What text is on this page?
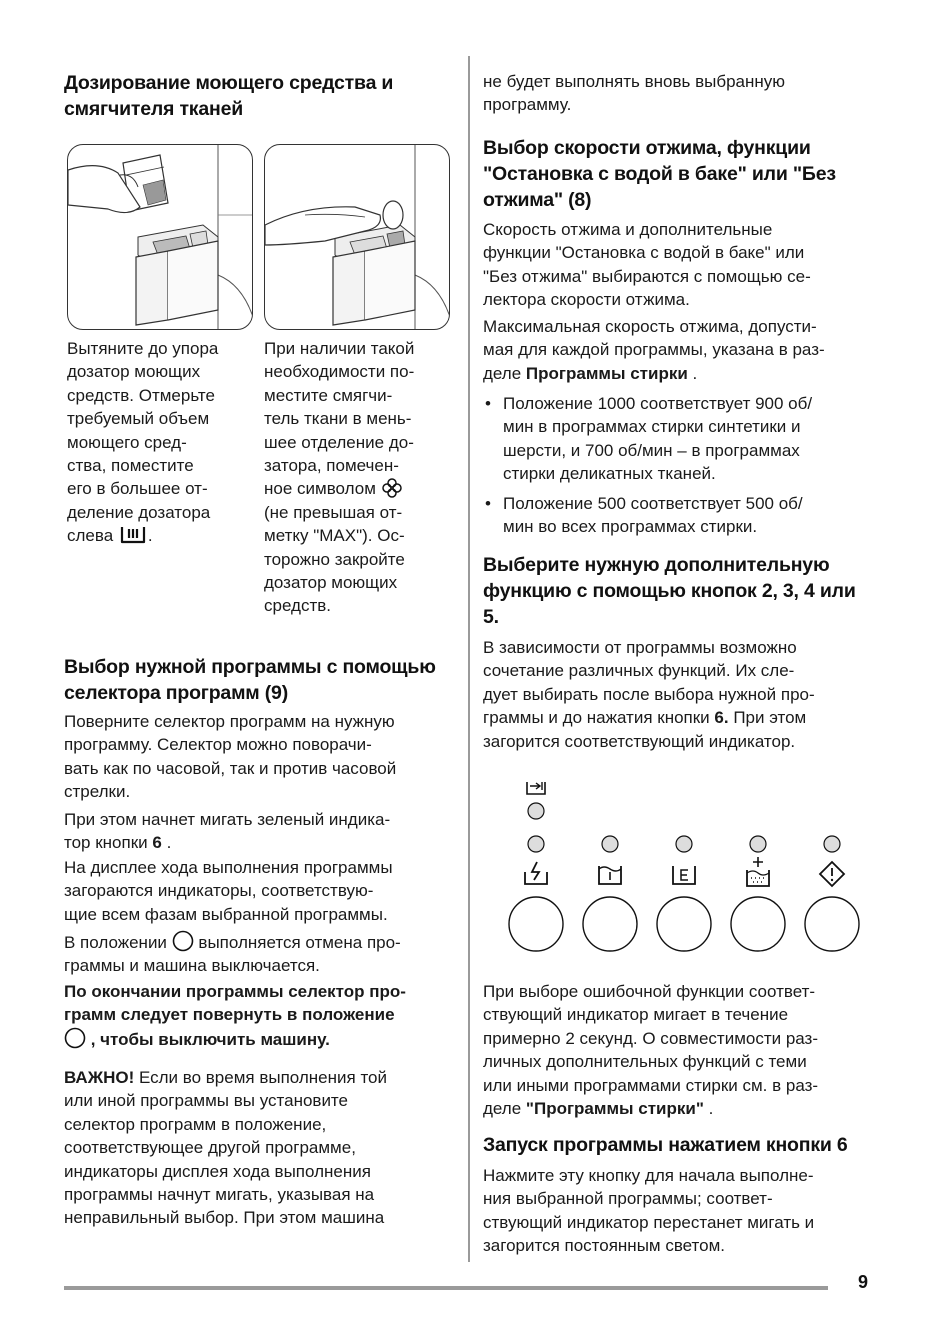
Дозирование моющего средства и
смягчителя тканей
Вытяните до упора
дозатор моющих
средств. Отмерьте
требуемый объем
моющего сред-
ства, поместите
его в большее от-
деление дозатора
слева .
При наличии такой
необходимости по-
местите смягчи-
тель ткани в мень-
шее отделение до-
затора, помечен-
ное символом
(не превышая от-
метку "MAX"). Ос-
торожно закройте
дозатор моющих
средств.
Выбор нужной программы с помощью
селектора программ (9)
Поверните селектор программ на нужную
программу. Селектор можно поворачи-
вать как по часовой, так и против часовой
стрелки.
При этом начнет мигать зеленый индика-
тор кнопки 6 .
На дисплее хода выполнения программы
загораются индикаторы, соответствую-
щие всем фазам выбранной программы.
В положении выполняется отмена про-
граммы и машина выключается.
По окончании программы селектор про-
грамм следует повернуть в положение
, чтобы выключить машину.
ВАЖНО! Если во время выполнения той
или иной программы вы установите
селектор программ в положение,
соответствующее другой программе,
индикаторы дисплея хода выполнения
программы начнут мигать, указывая на
неправильный выбор. При этом машина
не будет выполнять вновь выбранную
программу.
Выбор скорости отжима, функции
"Остановка с водой в баке" или "Без
отжима" (8)
Скорость отжима и дополнительные
функции "Остановка с водой в баке" или
"Без отжима" выбираются с помощью се-
лектора скорости отжима.
Максимальная скорость отжима, допусти-
мая для каждой программы, указана в раз-
деле Программы стирки .
• Положение 1000 соответствует 900 об/
мин в программах стирки синтетики и
шерсти, и 700 об/мин – в программах
стирки деликатных тканей.
• Положение 500 соответствует 500 об/
мин во всех программах стирки.
Выберите нужную дополнительную
функцию с помощью кнопок 2, 3, 4 или
5.
В зависимости от программы возможно
сочетание различных функций. Их сле-
дует выбирать после выбора нужной про-
граммы и до нажатия кнопки 6. При этом
загорится соответствующий индикатор.
При выборе ошибочной функции соответ-
ствующий индикатор мигает в течение
примерно 2 секунд. О совместимости раз-
личных дополнительных функций с теми
или иными программами стирки см. в раз-
деле "Программы стирки" .
Запуск программы нажатием кнопки 6
Нажмите эту кнопку для начала выполне-
ния выбранной программы; соответ-
ствующий индикатор перестанет мигать и
загорится постоянным светом.
9
